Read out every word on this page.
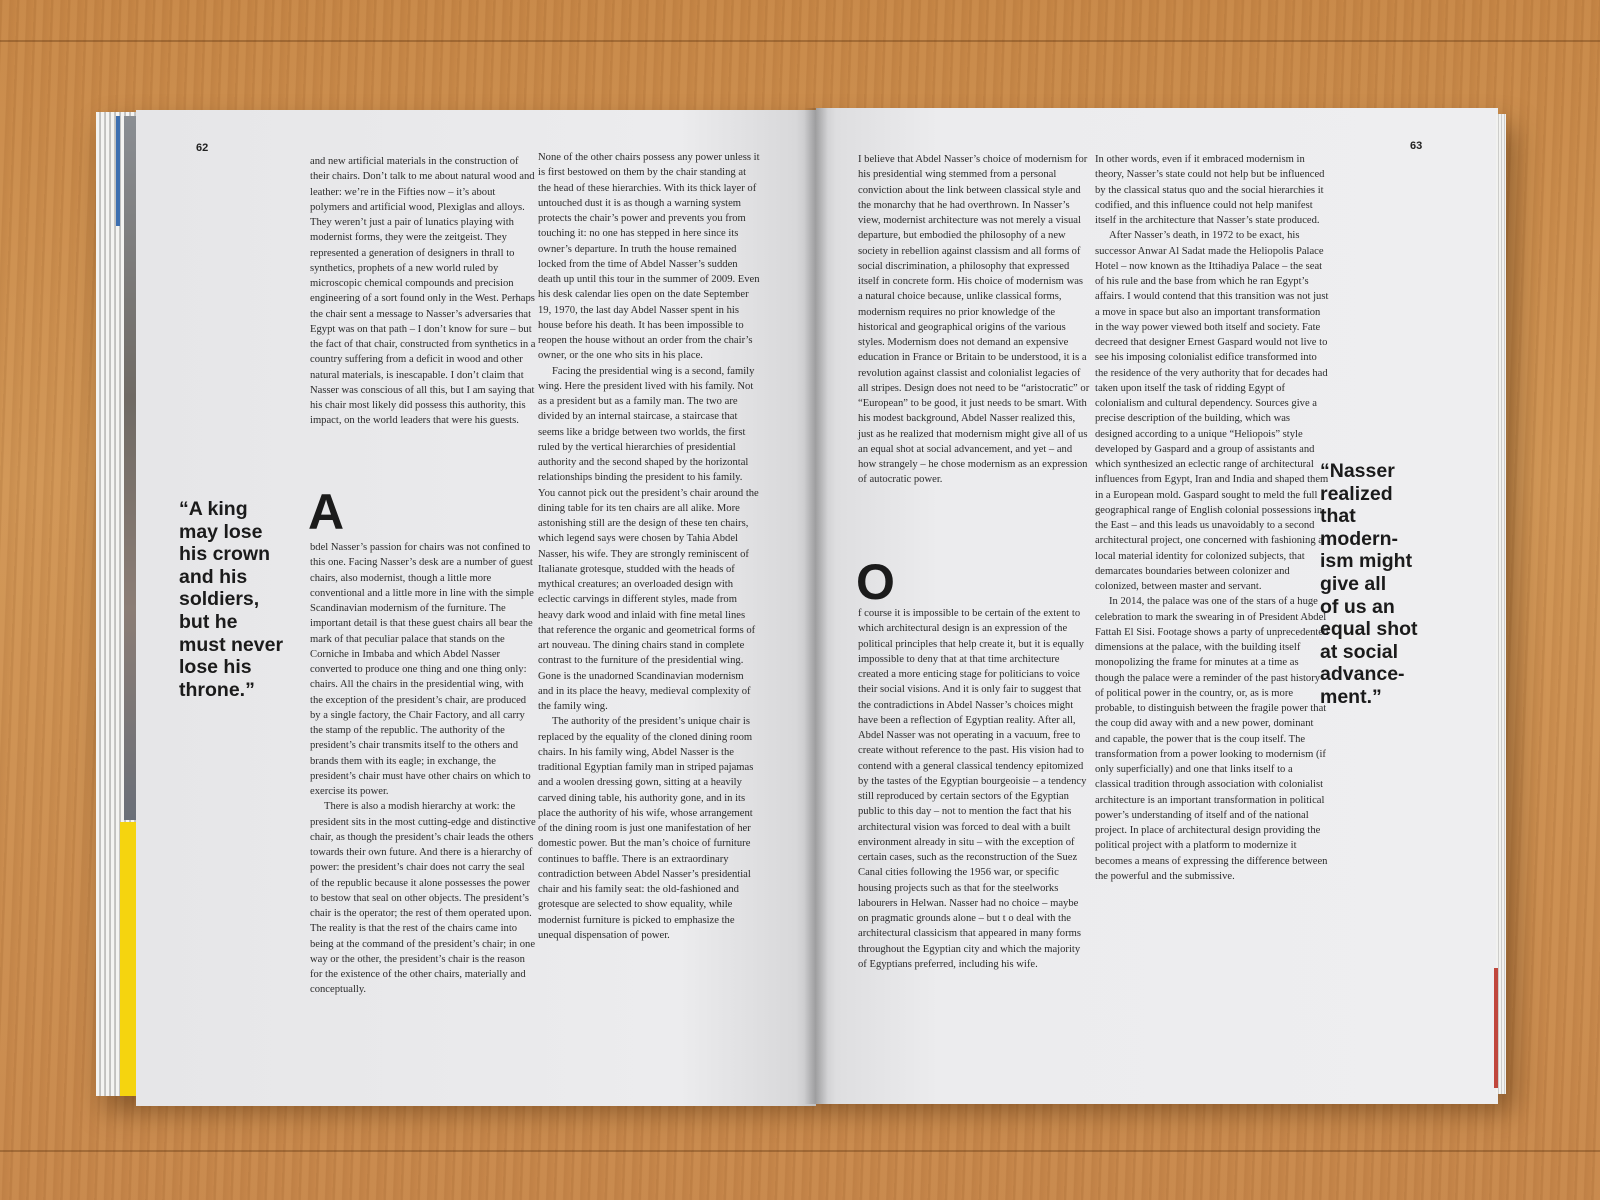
62
“A king
may lose
his crown
and his
soldiers,
but he
must never
lose his
throne.”

and new artificial materials in the construction of their chairs. Don’t talk to me about natural wood and leather: we’re in the Fifties now – it’s about polymers and artificial wood, Plexiglas and alloys. They weren’t just a pair of lunatics playing with modernist forms, they were the zeitgeist. They represented a generation of designers in thrall to synthetics, prophets of a new world ruled by microscopic chemical compounds and precision engineering of a sort found only in the West. Perhaps the chair sent a message to Nasser’s adversaries that Egypt was on that path – I don’t know for sure – but the fact of that chair, constructed from synthetics in a country suffering from a deficit in wood and other natural materials, is inescapable. I don’t claim that Nasser was conscious of all this, but I am saying that his chair most likely did possess this authority, this impact, on the world leaders that were his guests.

A

bdel Nasser’s passion for chairs was not confined to this one. Facing Nasser’s desk are a number of guest chairs, also modernist, though a little more conventional and a little more in line with the simple Scandinavian modernism of the furniture. The important detail is that these guest chairs all bear the mark of that peculiar palace that stands on the Corniche in Imbaba and which Abdel Nasser converted to produce one thing and one thing only: chairs. All the chairs in the presidential wing, with the exception of the president’s chair, are produced by a single factory, the Chair Factory, and all carry the stamp of the republic. The authority of the president’s chair transmits itself to the others and brands them with its eagle; in exchange, the president’s chair must have other chairs on which to exercise its power.

There is also a modish hierarchy at work: the president sits in the most cutting-edge and distinctive chair, as though the president’s chair leads the others towards their own future. And there is a hierarchy of power: the president’s chair does not carry the seal of the republic because it alone possesses the power to bestow that seal on other objects. The president’s chair is the operator; the rest of them operated upon. The reality is that the rest of the chairs came into being at the command of the president’s chair; in one way or the other, the president’s chair is the reason for the existence of the other chairs, materially and conceptually.

None of the other chairs possess any power unless it is first bestowed on them by the chair standing at the head of these hierarchies. With its thick layer of untouched dust it is as though a warning system protects the chair’s power and prevents you from touching it: no one has stepped in here since its owner’s departure. In truth the house remained locked from the time of Abdel Nasser’s sudden death up until this tour in the summer of 2009. Even his desk calendar lies open on the date September 19, 1970, the last day Abdel Nasser spent in his house before his death. It has been impossible to reopen the house without an order from the chair’s owner, or the one who sits in his place.

Facing the presidential wing is a second, family wing. Here the president lived with his family. Not as a president but as a family man. The two are divided by an internal staircase, a staircase that seems like a bridge between two worlds, the first ruled by the vertical hierarchies of presidential authority and the second shaped by the horizontal relationships binding the president to his family. You cannot pick out the president’s chair around the dining table for its ten chairs are all alike. More astonishing still are the design of these ten chairs, which legend says were chosen by Tahia Abdel Nasser, his wife. They are strongly reminiscent of Italianate grotesque, studded with the heads of mythical creatures; an overloaded design with eclectic carvings in different styles, made from heavy dark wood and inlaid with fine metal lines that reference the organic and geometrical forms of art nouveau. The dining chairs stand in complete contrast to the furniture of the presidential wing. Gone is the unadorned Scandinavian modernism and in its place the heavy, medieval complexity of the family wing.

The authority of the president’s unique chair is replaced by the equality of the cloned dining room chairs. In his family wing, Abdel Nasser is the traditional Egyptian family man in striped pajamas and a woolen dressing gown, sitting at a heavily carved dining table, his authority gone, and in its place the authority of his wife, whose arrangement of the dining room is just one manifestation of her domestic power. But the man’s choice of furniture continues to baffle. There is an extraordinary contradiction between Abdel Nasser’s presidential chair and his family seat: the old-fashioned and grotesque are selected to show equality, while modernist furniture is picked to emphasize the unequal dispensation of power.

63

I believe that Abdel Nasser’s choice of modernism for his presidential wing stemmed from a personal conviction about the link between classical style and the monarchy that he had overthrown. In Nasser’s view, modernist architecture was not merely a visual departure, but embodied the philosophy of a new society in rebellion against classism and all forms of social discrimination, a philosophy that expressed itself in concrete form. His choice of modernism was a natural choice because, unlike classical forms, modernism requires no prior knowledge of the historical and geographical origins of the various styles. Modernism does not demand an expensive education in France or Britain to be understood, it is a revolution against classist and colonialist legacies of all stripes. Design does not need to be “aristocratic” or “European” to be good, it just needs to be smart. With his modest background, Abdel Nasser realized this, just as he realized that modernism might give all of us an equal shot at social advancement, and yet – and how strangely – he chose modernism as an expression of autocratic power.

O

f course it is impossible to be certain of the extent to which architectural design is an expression of the political principles that help create it, but it is equally impossible to deny that at that time architecture created a more enticing stage for politicians to voice their social visions. And it is only fair to suggest that the contradictions in Abdel Nasser’s choices might have been a reflection of Egyptian reality. After all, Abdel Nasser was not operating in a vacuum, free to create without reference to the past. His vision had to contend with a general classical tendency epitomized by the tastes of the Egyptian bourgeoisie – a tendency still reproduced by certain sectors of the Egyptian public to this day – not to mention the fact that his architectural vision was forced to deal with a built environment already in situ – with the exception of certain cases, such as the reconstruction of the Suez Canal cities following the 1956 war, or specific housing projects such as that for the steelworks labourers in Helwan. Nasser had no choice – maybe on pragmatic grounds alone – but t o deal with the architectural classicism that appeared in many forms throughout the Egyptian city and which the majority of Egyptians preferred, including his wife.

In other words, even if it embraced modernism in theory, Nasser’s state could not help but be influenced by the classical status quo and the social hierarchies it codified, and this influence could not help manifest itself in the architecture that Nasser’s state produced.

After Nasser’s death, in 1972 to be exact, his successor Anwar Al Sadat made the Heliopolis Palace Hotel – now known as the Ittihadiya Palace – the seat of his rule and the base from which he ran Egypt’s affairs. I would contend that this transition was not just a move in space but also an important transformation in the way power viewed both itself and society. Fate decreed that designer Ernest Gaspard would not live to see his imposing colonialist edifice transformed into the residence of the very authority that for decades had taken upon itself the task of ridding Egypt of colonialism and cultural dependency. Sources give a precise description of the building, which was designed according to a unique “Heliopois” style developed by Gaspard and a group of assistants and which synthesized an eclectic range of architectural influences from Egypt, Iran and India and shaped them in a European mold. Gaspard sought to meld the full geographical range of English colonial possessions in the East – and this leads us unavoidably to a second architectural project, one concerned with fashioning a local material identity for colonized subjects, that demarcates boundaries between colonizer and colonized, between master and servant.

In 2014, the palace was one of the stars of a huge celebration to mark the swearing in of President Abdel Fattah El Sisi. Footage shows a party of unprecedented dimensions at the palace, with the building itself monopolizing the frame for minutes at a time as though the palace were a reminder of the past history of political power in the country, or, as is more probable, to distinguish between the fragile power that the coup did away with and a new power, dominant and capable, the power that is the coup itself. The transformation from a power looking to modernism (if only superficially) and one that links itself to a classical tradition through association with colonialist architecture is an important transformation in political power’s understanding of itself and of the national project. In place of architectural design providing the political project with a platform to modernize it becomes a means of expressing the difference between the powerful and the submissive.

“Nasser
realized
that
modern-
ism might
give all
of us an
equal shot
at social
advance-
ment.”
